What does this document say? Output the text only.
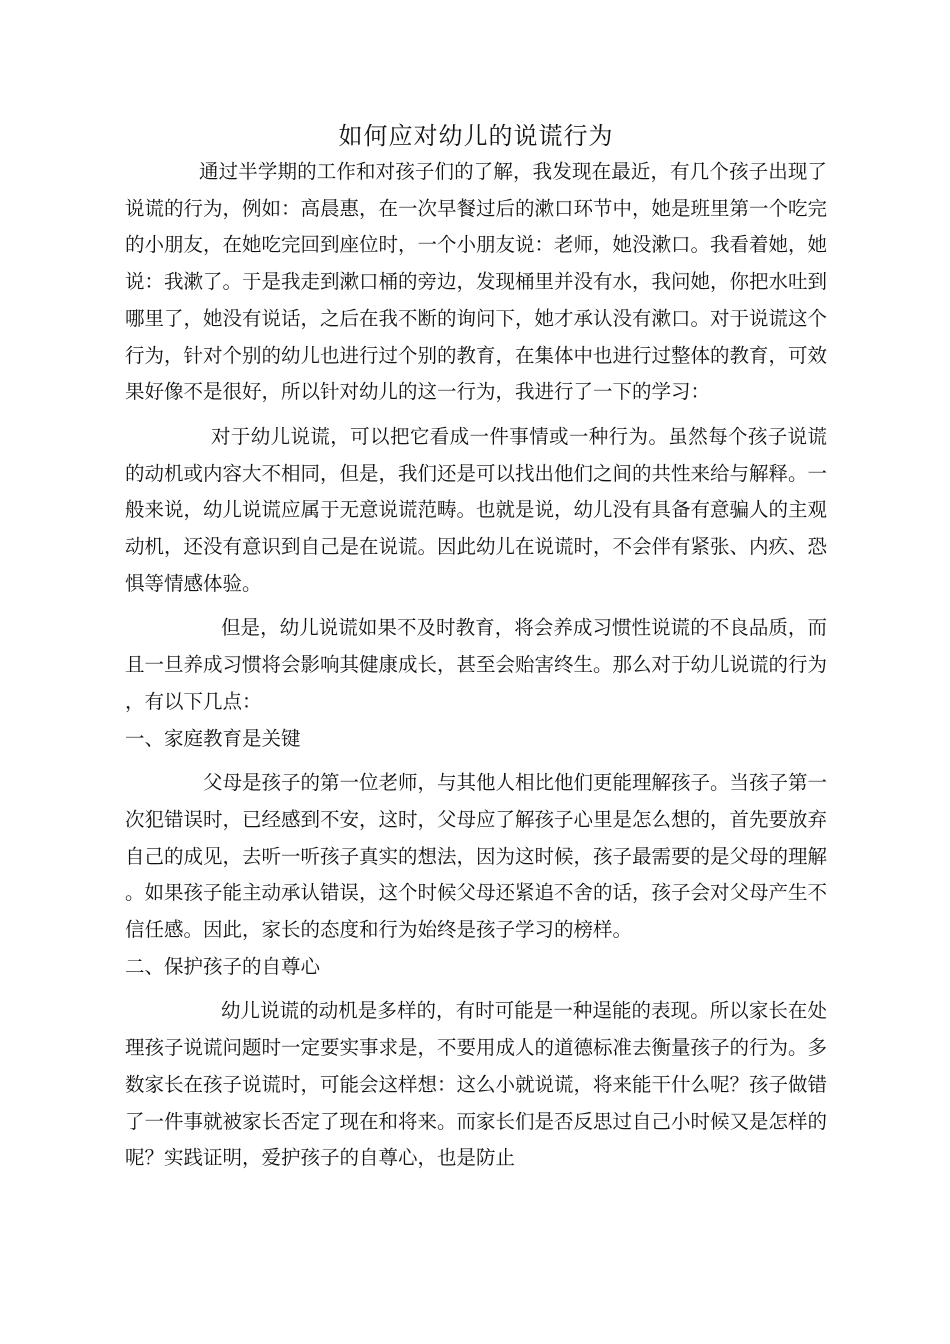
如何应对幼儿的说谎行为

通过半学期的工作和对孩子们的了解，我发现在最近，有几个孩子出现了说谎的行为，例如：高晨惠，在一次早餐过后的漱口环节中，她是班里第一个吃完的小朋友，在她吃完回到座位时，一个小朋友说：老师，她没漱口。我看着她，她说：我漱了。于是我走到漱口桶的旁边，发现桶里并没有水，我问她，你把水吐到哪里了，她没有说话，之后在我不断的询问下，她才承认没有漱口。对于说谎这个行为，针对个别的幼儿也进行过个别的教育，在集体中也进行过整体的教育，可效果好像不是很好，所以针对幼儿的这一行为，我进行了一下的学习：

对于幼儿说谎，可以把它看成一件事情或一种行为。虽然每个孩子说谎的动机或内容大不相同，但是，我们还是可以找出他们之间的共性来给与解释。一般来说，幼儿说谎应属于无意说谎范畴。也就是说，幼儿没有具备有意骗人的主观动机，还没有意识到自己是在说谎。因此幼儿在说谎时，不会伴有紧张、内疚、恐惧等情感体验。

但是，幼儿说谎如果不及时教育，将会养成习惯性说谎的不良品质，而且一旦养成习惯将会影响其健康成长，甚至会贻害终生。那么对于幼儿说谎的行为，有以下几点：

一、家庭教育是关键

父母是孩子的第一位老师，与其他人相比他们更能理解孩子。当孩子第一次犯错误时，已经感到不安，这时，父母应了解孩子心里是怎么想的，首先要放弃自己的成见，去听一听孩子真实的想法，因为这时候，孩子最需要的是父母的理解。如果孩子能主动承认错误，这个时候父母还紧追不舍的话，孩子会对父母产生不信任感。因此，家长的态度和行为始终是孩子学习的榜样。

二、保护孩子的自尊心

幼儿说谎的动机是多样的，有时可能是一种逞能的表现。所以家长在处理孩子说谎问题时一定要实事求是，不要用成人的道德标准去衡量孩子的行为。多数家长在孩子说谎时，可能会这样想：这么小就说谎，将来能干什么呢？孩子做错了一件事就被家长否定了现在和将来。而家长们是否反思过自己小时候又是怎样的呢？实践证明，爱护孩子的自尊心，也是防止
